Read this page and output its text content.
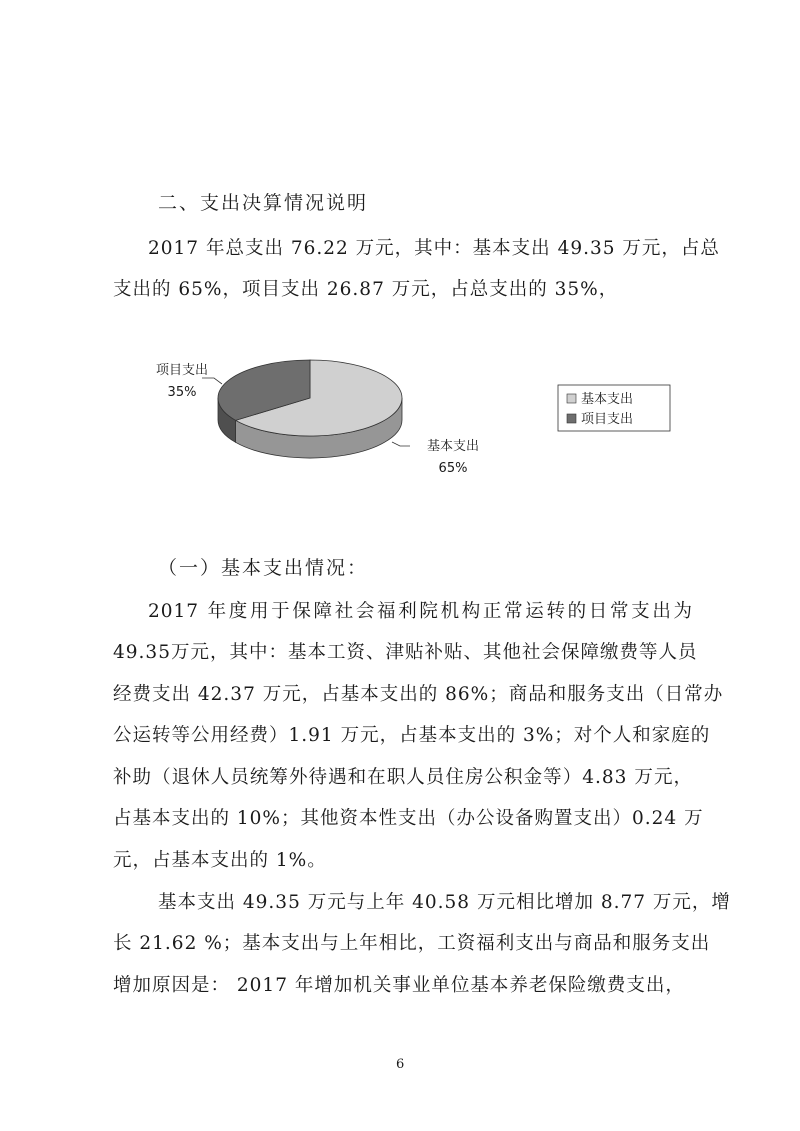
二、支出决算情况说明
2017 年总支出 76.22 万元，其中：基本支出 49.35 万元，占总
支出的 65%，项目支出 26.87 万元，占总支出的 35%，
项目支出
35%
基本支出
65%
基本支出
项目支出
（一）基本支出情况：
2017 年度用于保障社会福利院机构正常运转的日常支出为
49.35万元，其中：基本工资、津贴补贴、其他社会保障缴费等人员
经费支出 42.37 万元，占基本支出的 86%；商品和服务支出（日常办
公运转等公用经费）1.91 万元，占基本支出的 3%；对个人和家庭的
补助（退休人员统筹外待遇和在职人员住房公积金等）4.83 万元，
占基本支出的 10%；其他资本性支出（办公设备购置支出）0.24 万
元，占基本支出的 1%。
基本支出 49.35 万元与上年 40.58 万元相比增加 8.77 万元，增
长 21.62 %；基本支出与上年相比，工资福利支出与商品和服务支出
增加原因是： 2017 年增加机关事业单位基本养老保险缴费支出，
6
